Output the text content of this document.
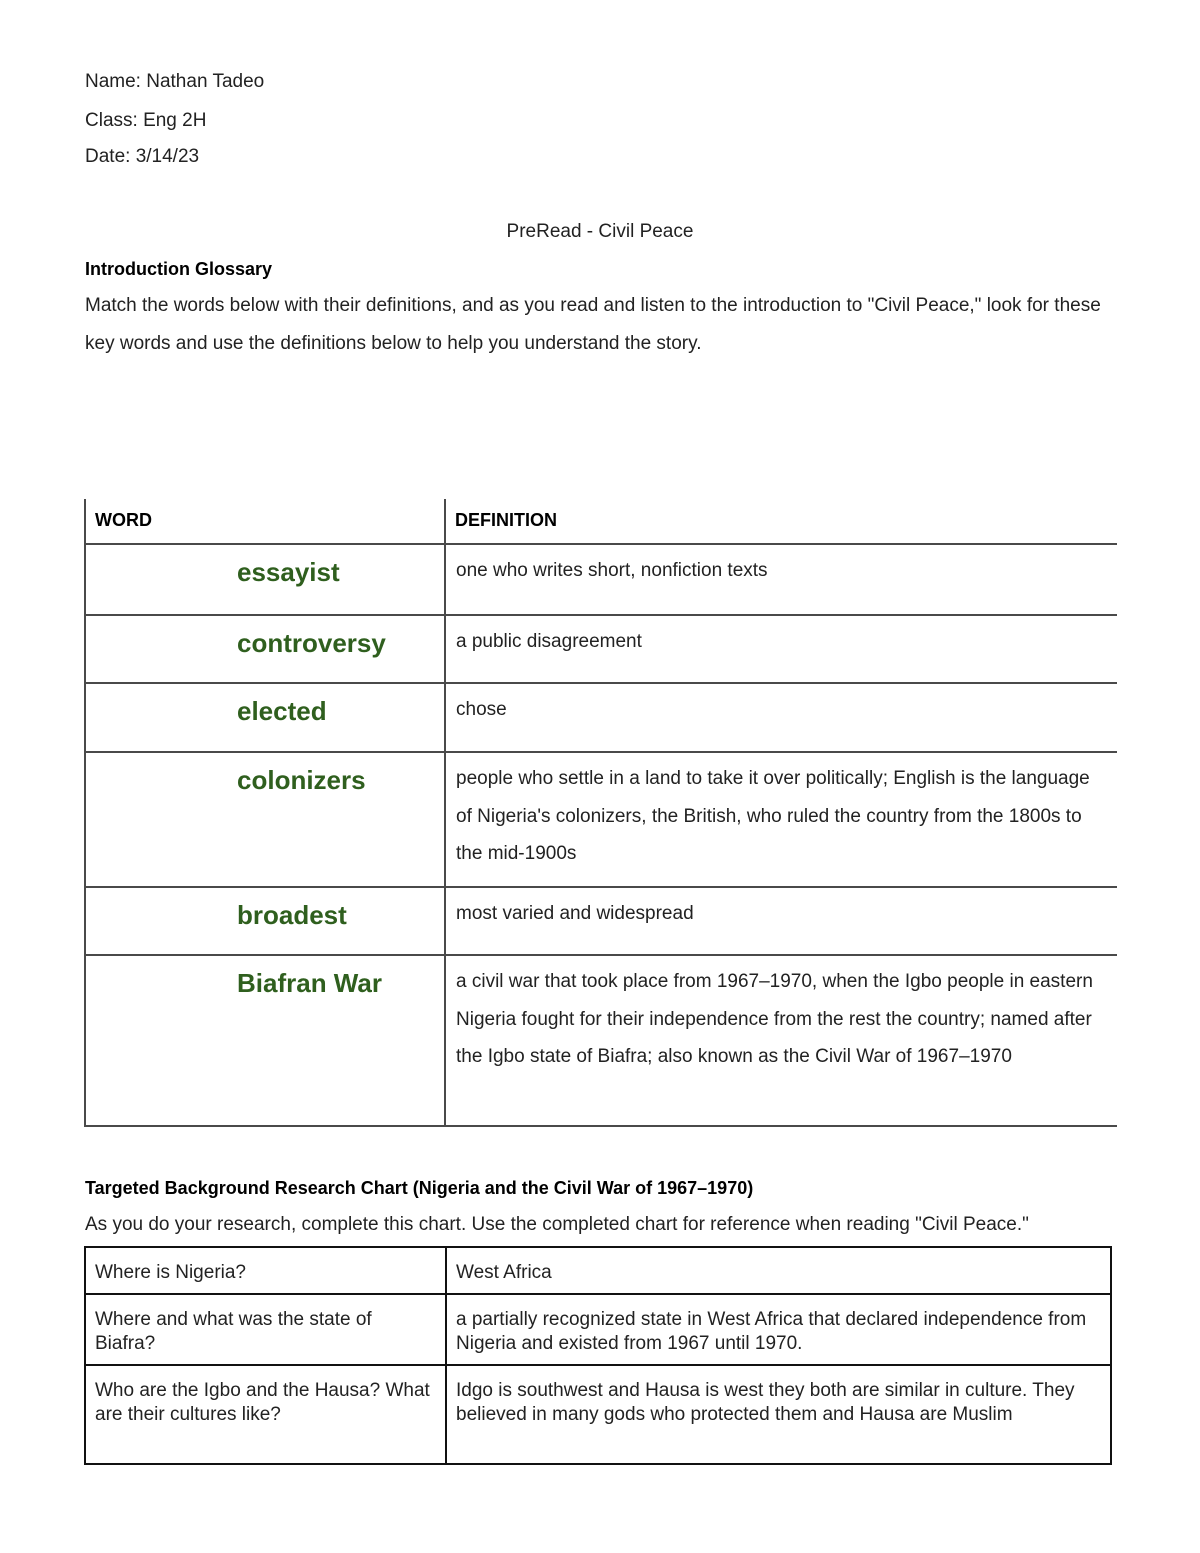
Name: Nathan Tadeo
Class: Eng 2H
Date: 3/14/23
PreRead - Civil Peace
Introduction Glossary
Match the words below with their definitions, and as you read and listen to the introduction to "Civil Peace," look for these key words and use the definitions below to help you understand the story.
WORD	DEFINITION

essayist	one who writes short, nonfiction texts

controversy	a public disagreement

elected	chose

colonizers	people who settle in a land to take it over politically; English is the language of Nigeria's colonizers, the British, who ruled the country from the 1800s to the mid-1900s

broadest	most varied and widespread

Biafran War	a civil war that took place from 1967–1970, when the Igbo people in eastern Nigeria fought for their independence from the rest the country; named after the Igbo state of Biafra; also known as the Civil War of 1967–1970
Targeted Background Research Chart (Nigeria and the Civil War of 1967–1970)
As you do your research, complete this chart. Use the completed chart for reference when reading "Civil Peace."
Where is Nigeria?	West Africa
Where and what was the state of Biafra?	a partially recognized state in West Africa that declared independence from Nigeria and existed from 1967 until 1970.
Who are the Igbo and the Hausa? What are their cultures like?	Idgo is southwest and Hausa is west they both are similar in culture. They believed in many gods who protected them and Hausa are Muslim
